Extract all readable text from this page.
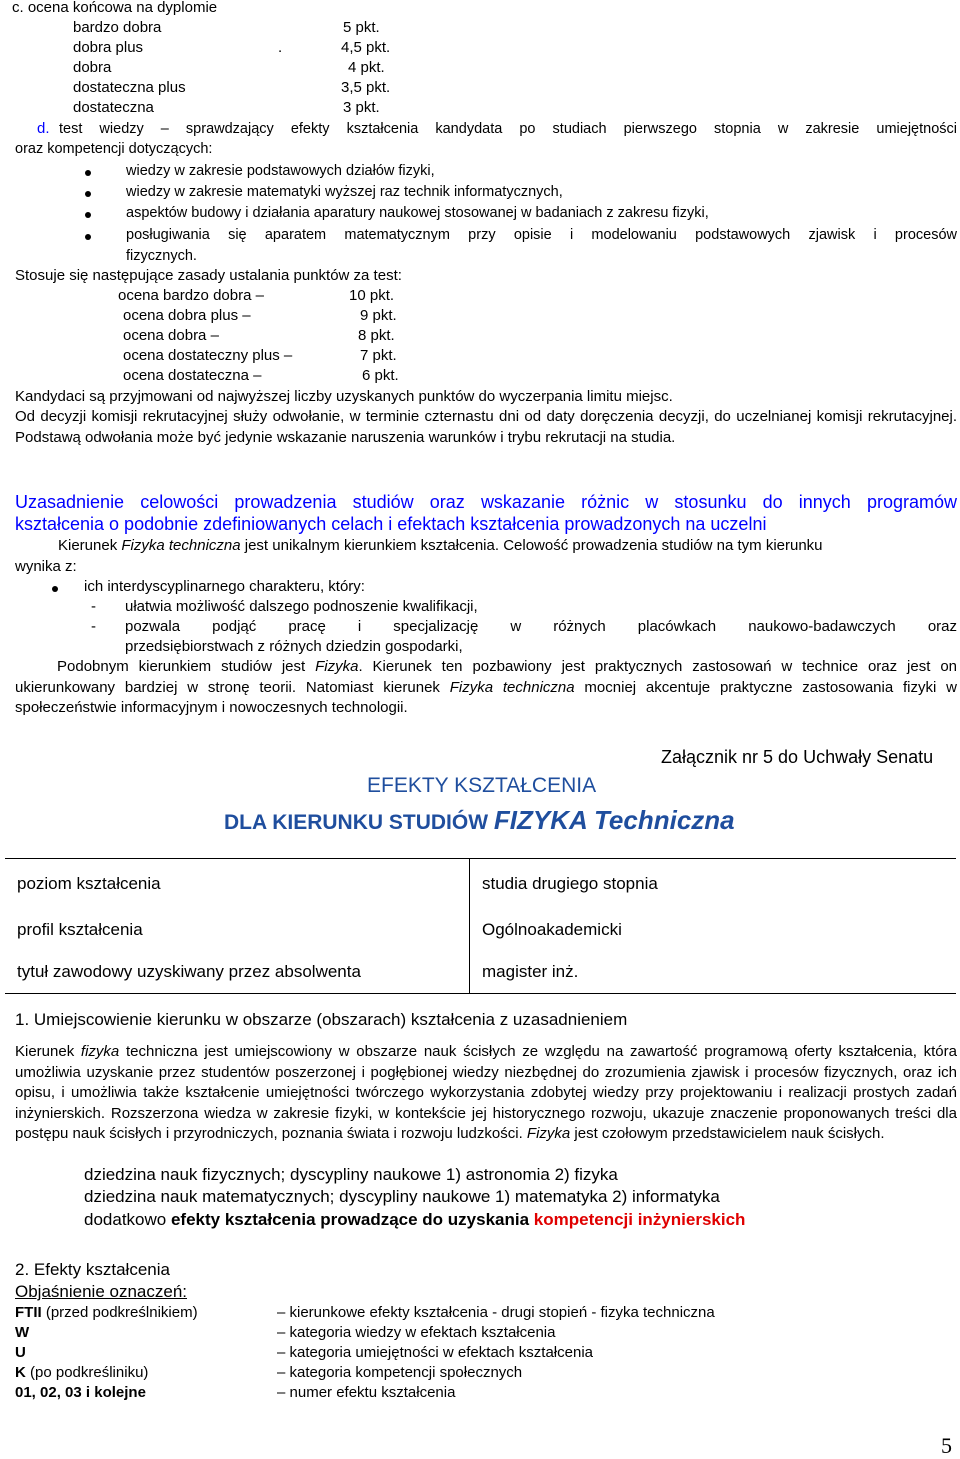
c. ocena końcowa na dyplomie
bardzo dobra	5 pkt.
dobra plus	.	4,5 pkt.
dobra	4 pkt.
dostateczna plus	3,5 pkt.
dostateczna	3 pkt.
d. test wiedzy – sprawdzający efekty kształcenia kandydata po studiach pierwszego stopnia w zakresie umiejętności
oraz kompetencji dotyczących:
wiedzy w zakresie podstawowych działów fizyki,
wiedzy w zakresie matematyki wyższej raz technik informatycznych,
aspektów budowy i działania aparatury naukowej stosowanej w badaniach z zakresu fizyki,
posługiwania się aparatem matematycznym przy opisie i modelowaniu podstawowych zjawisk i procesów
fizycznych.
Stosuje się następujące zasady ustalania punktów za test:
ocena bardzo dobra –	10 pkt.
ocena dobra plus –	9 pkt.
ocena dobra –	8 pkt.
ocena dostateczny plus –	7 pkt.
ocena dostateczna –	6 pkt.
Kandydaci są przyjmowani od najwyższej liczby uzyskanych punktów do wyczerpania limitu miejsc.
Od decyzji komisji rekrutacyjnej służy odwołanie, w terminie czternastu dni od daty doręczenia decyzji, do uczelnianej komisji rekrutacyjnej. Podstawą odwołania może być jedynie wskazanie naruszenia warunków i trybu rekrutacji na studia.
Uzasadnienie celowości prowadzenia studiów oraz wskazanie różnic w stosunku do innych programów
kształcenia o podobnie zdefiniowanych celach i efektach kształcenia prowadzonych na uczelni
Kierunek Fizyka techniczna jest unikalnym kierunkiem kształcenia. Celowość prowadzenia studiów na tym kierunku
wynika z:
ich interdyscyplinarnego charakteru, który:
- ułatwia możliwość dalszego podnoszenie kwalifikacji,
- pozwala podjąć pracę i specjalizację w różnych placówkach naukowo-badawczych oraz
przedsiębiorstwach z różnych dziedzin gospodarki,
Podobnym kierunkiem studiów jest Fizyka. Kierunek ten pozbawiony jest praktycznych zastosowań w technice oraz jest on ukierunkowany bardziej w stronę teorii. Natomiast kierunek Fizyka techniczna mocniej akcentuje praktyczne zastosowania fizyki w społeczeństwie informacyjnym i nowoczesnych technologii.
Załącznik nr 5 do Uchwały Senatu
EFEKTY KSZTAŁCENIA
DLA KIERUNKU STUDIÓW FIZYKA Techniczna
poziom kształcenia	studia drugiego stopnia
profil kształcenia	Ogólnoakademicki
tytuł zawodowy uzyskiwany przez absolwenta	magister inż.
1. Umiejscowienie kierunku w obszarze (obszarach) kształcenia z uzasadnieniem
Kierunek fizyka techniczna jest umiejscowiony w obszarze nauk ścisłych ze względu na zawartość programową oferty kształcenia, która umożliwia uzyskanie przez studentów poszerzonej i pogłębionej wiedzy niezbędnej do zrozumienia zjawisk i procesów fizycznych, oraz ich opisu, i umożliwia także kształcenie umiejętności twórczego wykorzystania zdobytej wiedzy przy projektowaniu i realizacji prostych zadań inżynierskich. Rozszerzona wiedza w zakresie fizyki, w kontekście jej historycznego rozwoju, ukazuje znaczenie proponowanych treści dla postępu nauk ścisłych i przyrodniczych, poznania świata i rozwoju ludzkości. Fizyka jest czołowym przedstawicielem nauk ścisłych.
dziedzina nauk fizycznych; dyscypliny naukowe 1) astronomia 2) fizyka
dziedzina nauk matematycznych; dyscypliny naukowe 1) matematyka 2) informatyka
dodatkowo efekty kształcenia prowadzące do uzyskania kompetencji inżynierskich
2. Efekty kształcenia
Objaśnienie oznaczeń:
FTII (przed podkreślnikiem)	– kierunkowe efekty kształcenia - drugi stopień - fizyka techniczna
W	– kategoria wiedzy w efektach kształcenia
U	– kategoria umiejętności w efektach kształcenia
K (po podkreśliniku)	– kategoria kompetencji społecznych
01, 02, 03 i kolejne	– numer efektu kształcenia
5
